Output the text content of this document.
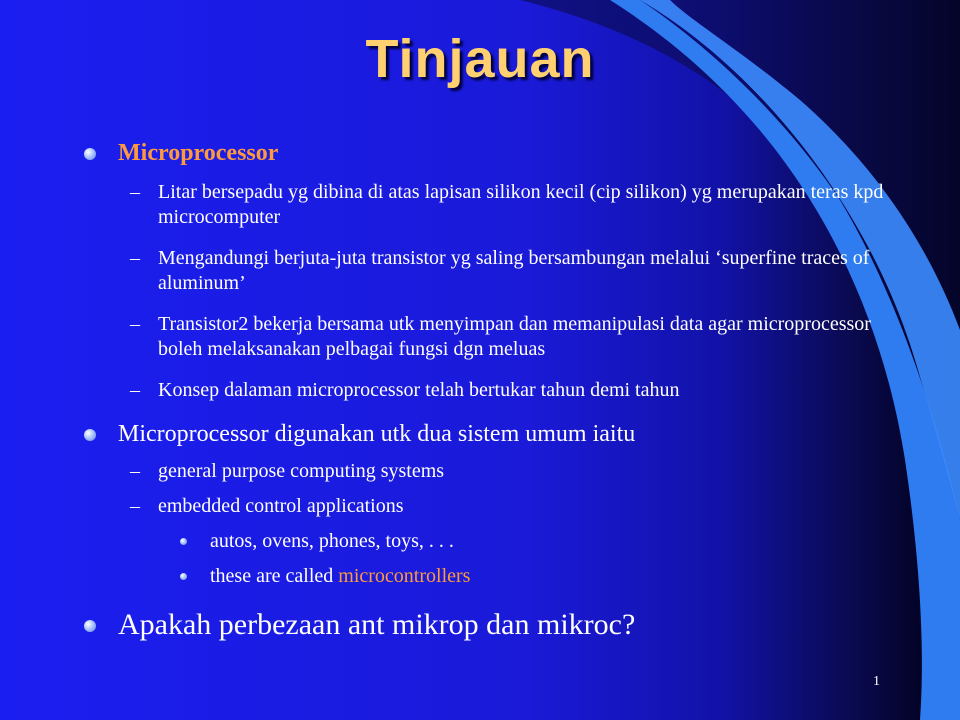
Tinjauan
Microprocessor
– Litar bersepadu yg dibina di atas lapisan silikon kecil (cip silikon) yg merupakan teras kpd microcomputer
– Mengandungi berjuta-juta transistor yg saling bersambungan melalui ‘superfine traces of aluminum’
– Transistor2 bekerja bersama utk menyimpan dan memanipulasi data agar microprocessor boleh melaksanakan pelbagai fungsi dgn meluas
– Konsep dalaman microprocessor telah bertukar tahun demi tahun
Microprocessor digunakan utk dua sistem umum iaitu
– general purpose computing systems
– embedded control applications
autos, ovens, phones, toys, . . .
these are called microcontrollers
Apakah perbezaan ant mikrop dan mikroc?
1
